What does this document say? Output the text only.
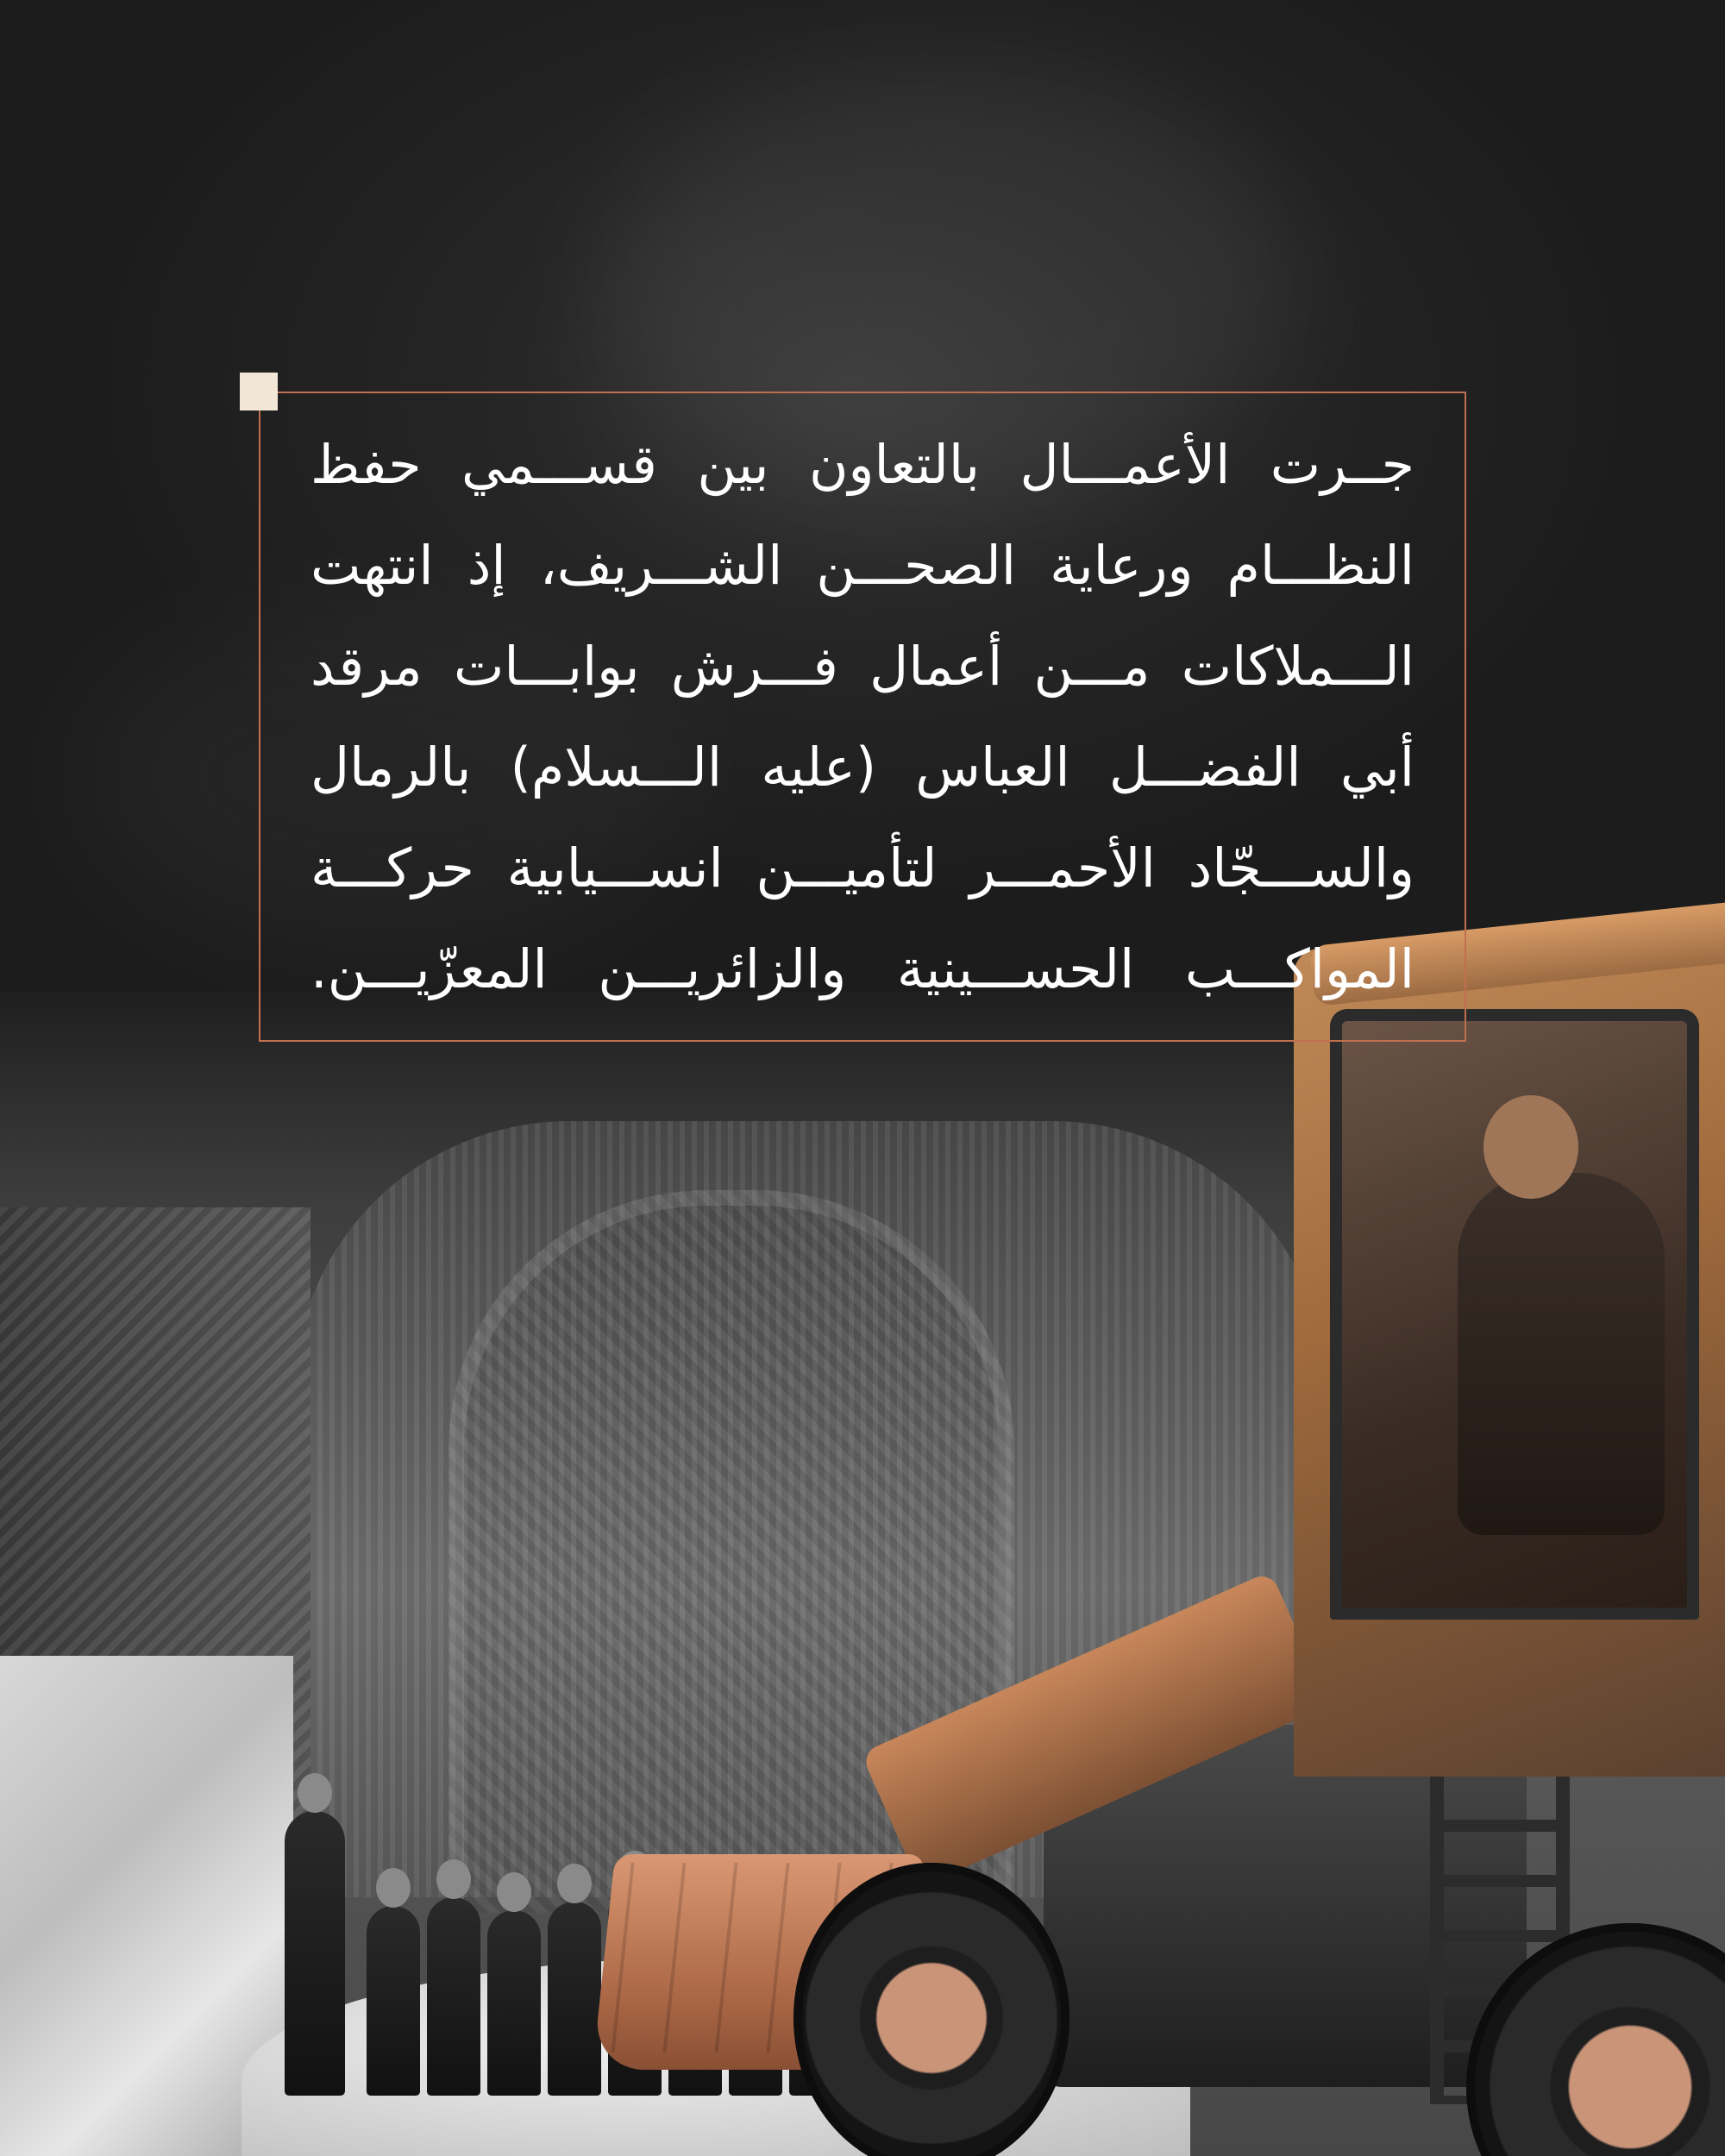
جــرت الأعمـــال بالتعاون بين قســـمي حفظ
النظـــام ورعاية الصحـــن الشـــريف، إذ انتهت
الـــملاكات مـــن أعمال فـــرش بوابـــات مرقد
أبي الفضـــل العباس (عليه الـــسلام) بالرمال
والســـجّاد الأحمـــر لتأميـــن انســـيابية حركـــة
المواكـــب الحســـينية والزائريـــن المعزّيـــن.
